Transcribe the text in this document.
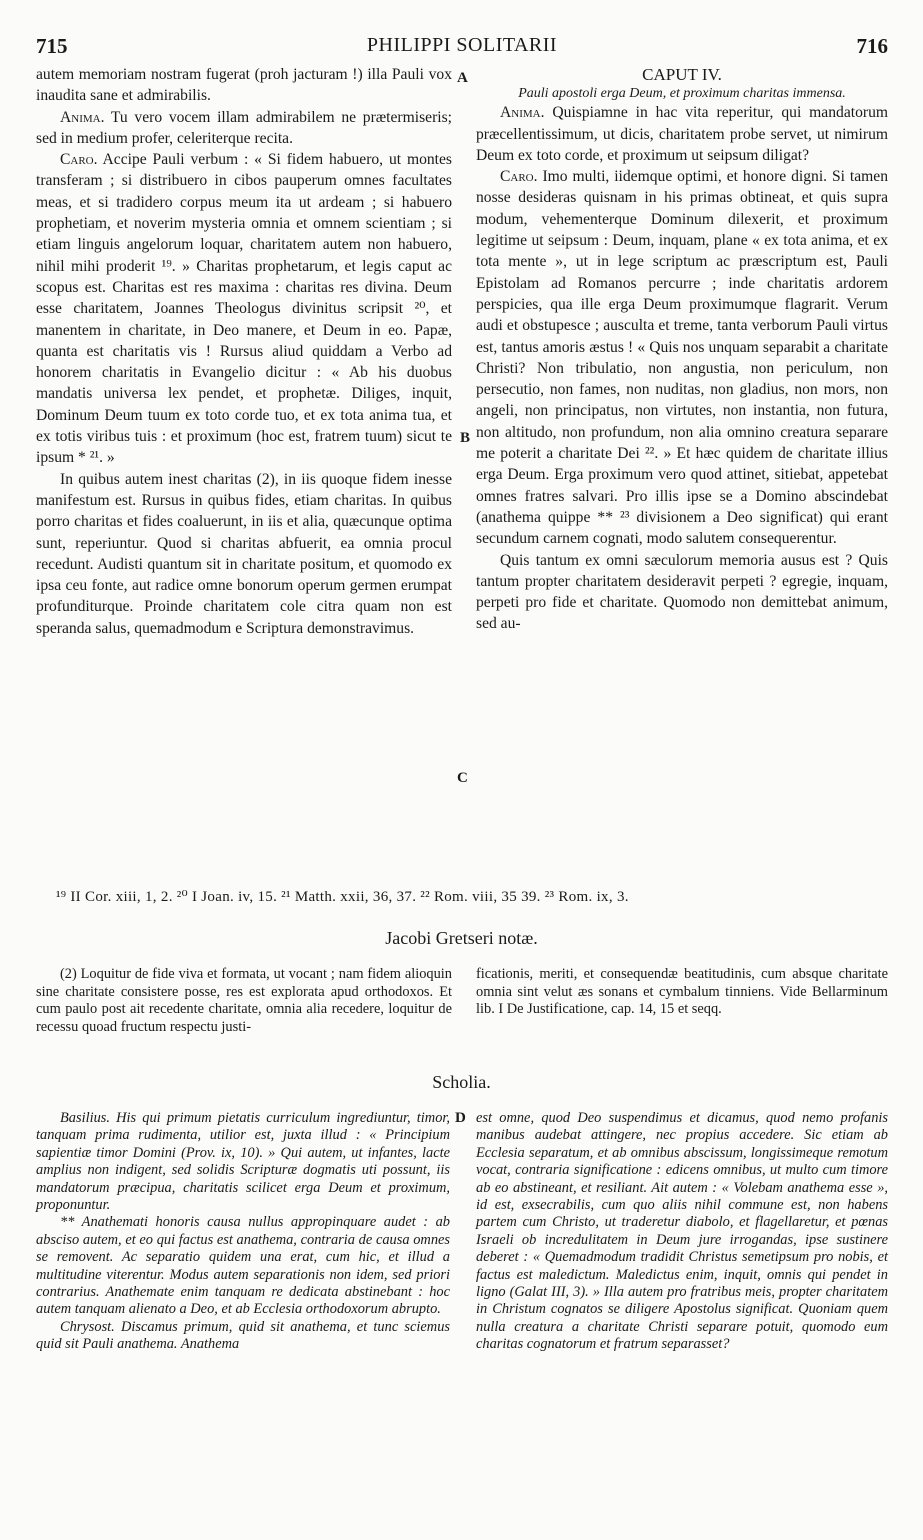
715	PHILIPPI SOLITARII	716

autem memoriam nostram fugerat (proh jacturam !) illa Pauli vox inaudita sane et admirabilis.

Anima. Tu vero vocem illam admirabilem ne prætermiseris; sed in medium profer, celeriterque recita.

Caro. Accipe Pauli verbum : « Si fidem habuero, ut montes transferam ; si distribuero in cibos pauperum omnes facultates meas, et si tradidero corpus meum ita ut ardeam ; si habuero prophetiam, et noverim mysteria omnia et omnem scientiam ; si etiam linguis angelorum loquar, charitatem autem non habuero, nihil mihi proderit ¹⁹. » Charitas prophetarum, et legis caput ac scopus est. Charitas est res maxima : charitas res divina. Deum esse charitatem, Joannes Theologus divinitus scripsit ²⁰, et manentem in charitate, in Deo manere, et Deum in eo. Papæ, quanta est charitatis vis ! Rursus aliud quiddam a Verbo ad honorem charitatis in Evangelio dicitur : « Ab his duobus mandatis universa lex pendet, et prophetæ. Diliges, inquit, Dominum Deum tuum ex toto corde tuo, et ex tota anima tua, et ex totis viribus tuis : et proximum (hoc est, fratrem tuum) sicut te ipsum * ²¹. »

In quibus autem inest charitas (2), in iis quoque fidem inesse manifestum est. Rursus in quibus fides, etiam charitas. In quibus porro charitas et fides coaluerunt, in iis et alia, quæcunque optima sunt, reperiuntur. Quod si charitas abfuerit, ea omnia procul recedunt. Audisti quantum sit in charitate positum, et quomodo ex ipsa ceu fonte, aut radice omne bonorum operum germen erumpat profunditurque. Proinde charitatem cole citra quam non est speranda salus, quemadmodum e Scriptura demonstravimus.

A
B
C
D

CAPUT IV.

Pauli apostoli erga Deum, et proximum charitas immensa.

Anima. Quispiamne in hac vita reperitur, qui mandatorum præcellentissimum, ut dicis, charitatem probe servet, ut nimirum Deum ex toto corde, et proximum ut seipsum diligat?

Caro. Imo multi, iidemque optimi, et honore digni. Si tamen nosse desideras quisnam in his primas obtineat, et quis supra modum, vehementerque Dominum dilexerit, et proximum legitime ut seipsum : Deum, inquam, plane « ex tota anima, et ex tota mente », ut in lege scriptum ac præscriptum est, Pauli Epistolam ad Romanos percurre ; inde charitatis ardorem perspicies, qua ille erga Deum proximumque flagrarit. Verum audi et obstupesce ; ausculta et treme, tanta verborum Pauli virtus est, tantus amoris æstus ! « Quis nos unquam separabit a charitate Christi? Non tribulatio, non angustia, non periculum, non persecutio, non fames, non nuditas, non gladius, non mors, non angeli, non principatus, non virtutes, non instantia, non futura, non altitudo, non profundum, non alia omnino creatura separare me poterit a charitate Dei ²². » Et hæc quidem de charitate illius erga Deum. Erga proximum vero quod attinet, sitiebat, appetebat omnes fratres salvari. Pro illis ipse se a Domino abscindebat (anathema quippe ** ²³ divisionem a Deo significat) qui erant secundum carnem cognati, modo salutem consequerentur.

Quis tantum ex omni sæculorum memoria ausus est ? Quis tantum propter charitatem desideravit perpeti ? egregie, inquam, perpeti pro fide et charitate. Quomodo non demittebat animum, sed au-

¹⁹ II Cor. xiii, 1, 2. ²⁰ I Joan. iv, 15. ²¹ Matth. xxii, 36, 37. ²² Rom. viii, 35 39. ²³ Rom. ix, 3.
Jacobi Gretseri notæ.

(2) Loquitur de fide viva et formata, ut vocant ; nam fidem alioquin sine charitate consistere posse, res est explorata apud orthodoxos. Et cum paulo post ait recedente charitate, omnia alia recedere, loquitur de recessu quoad fructum respectu justi-

ficationis, meriti, et consequendæ beatitudinis, cum absque charitate omnia sint velut æs sonans et cymbalum tinniens. Vide Bellarminum lib. I De Justificatione, cap. 14, 15 et seqq.

Scholia.

Basilius. His qui primum pietatis curriculum ingrediuntur, timor, tanquam prima rudimenta, utilior est, juxta illud : « Principium sapientiæ timor Domini (Prov. ix, 10). » Qui autem, ut infantes, lacte amplius non indigent, sed solidis Scripturæ dogmatis uti possunt, iis mandatorum præcipua, charitatis scilicet erga Deum et proximum, proponuntur.

** Anathemati honoris causa nullus appropinquare audet : ab absciso autem, et eo qui factus est anathema, contraria de causa omnes se removent. Ac separatio quidem una erat, cum hic, et illud a multitudine viterentur. Modus autem separationis non idem, sed priori contrarius. Anathemate enim tanquam re dedicata abstinebant : hoc autem tanquam alienato a Deo, et ab Ecclesia orthodoxorum abrupto.

Chrysost. Discamus primum, quid sit anathema, et tunc sciemus quid sit Pauli anathema. Anathema

est omne, quod Deo suspendimus et dicamus, quod nemo profanis manibus audebat attingere, nec propius accedere. Sic etiam ab Ecclesia separatum, et ab omnibus abscissum, longissimeque remotum vocat, contraria significatione : edicens omnibus, ut multo cum timore ab eo abstineant, et resiliant. Ait autem : « Volebam anathema esse », id est, exsecrabilis, cum quo aliis nihil commune est, non habens partem cum Christo, ut traderetur diabolo, et flagellaretur, et pœnas Israeli ob incredulitatem in Deum jure irrogandas, ipse sustinere deberet : « Quemadmodum tradidit Christus semetipsum pro nobis, et factus est maledictum. Maledictus enim, inquit, omnis qui pendet in ligno (Galat III, 3). » Illa autem pro fratribus meis, propter charitatem in Christum cognatos se diligere Apostolus significat. Quoniam quem nulla creatura a charitate Christi separare potuit, quomodo eum charitas cognatorum et fratrum separasset?
